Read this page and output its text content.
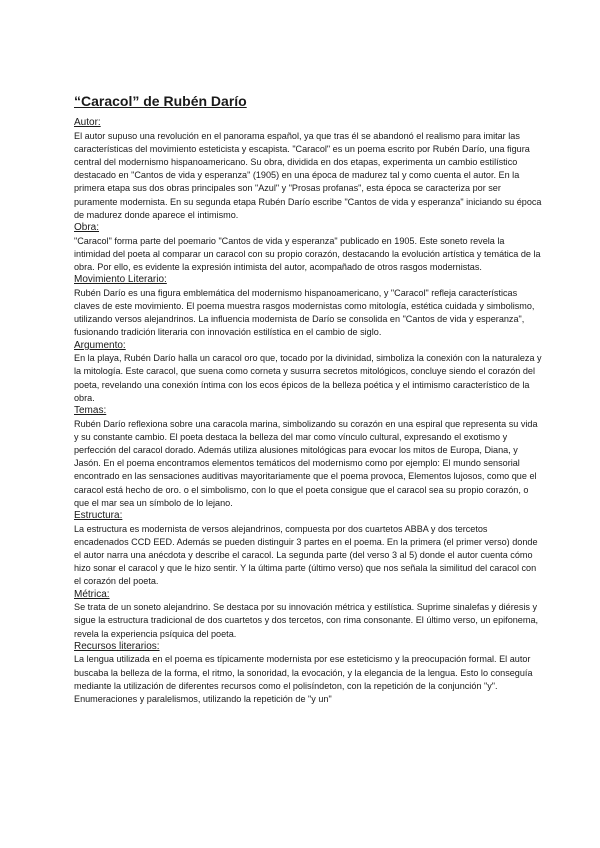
“Caracol” de Rubén Darío

Autor:

El autor supuso una revolución en el panorama español, ya que tras él se abandonó el realismo para imitar las características del movimiento esteticista y escapista. "Caracol" es un poema escrito por Rubén Darío, una figura central del modernismo hispanoamericano. Su obra, dividida en dos etapas, experimenta un cambio estilístico destacado en "Cantos de vida y esperanza" (1905) en una época de madurez tal y como cuenta el autor. En la primera etapa sus dos obras principales son "Azul" y "Prosas profanas", esta época se caracteriza por ser puramente modernista. En su segunda etapa Rubén Darío escribe "Cantos de vida y esperanza" iniciando su época de madurez donde aparece el intimismo.

Obra:

"Caracol" forma parte del poemario "Cantos de vida y esperanza" publicado en 1905. Este soneto revela la intimidad del poeta al comparar un caracol con su propio corazón, destacando la evolución artística y temática de la obra. Por ello, es evidente la expresión intimista del autor, acompañado de otros rasgos modernistas.

Movimiento Literario:

Rubén Darío es una figura emblemática del modernismo hispanoamericano, y "Caracol" refleja características claves de este movimiento. El poema muestra rasgos modernistas como mitología, estética cuidada y simbolismo, utilizando versos alejandrinos. La influencia modernista de Darío se consolida en "Cantos de vida y esperanza", fusionando tradición literaria con innovación estilística en el cambio de siglo.

Argumento:

En la playa, Rubén Darío halla un caracol oro que, tocado por la divinidad, simboliza la conexión con la naturaleza y la mitología. Este caracol, que suena como corneta y susurra secretos mitológicos, concluye siendo el corazón del poeta, revelando una conexión íntima con los ecos épicos de la belleza poética y el intimismo característico de la obra.

Temas:

Rubén Darío reflexiona sobre una caracola marina, simbolizando su corazón en una espiral que representa su vida y su constante cambio. El poeta destaca la belleza del mar como vínculo cultural, expresando el exotismo y perfección del caracol dorado. Además utiliza alusiones mitológicas para evocar los mitos de Europa, Diana, y Jasón. En el poema encontramos elementos temáticos del modernismo como por ejemplo: El mundo sensorial encontrado en las sensaciones auditivas mayoritariamente que el poema provoca, Elementos lujosos, como que el caracol está hecho de oro. o el simbolismo, con lo que el poeta consigue que el caracol sea su propio corazón, o que el mar sea un símbolo de lo lejano.

Estructura:

La estructura es modernista de versos alejandrinos, compuesta por dos cuartetos ABBA y dos tercetos encadenados CCD EED. Además se pueden distinguir 3 partes en el poema. En la primera (el primer verso) donde el autor narra una anécdota y describe el caracol. La segunda parte (del verso 3 al 5) donde el autor cuenta cómo hizo sonar el caracol y que le hizo sentir. Y la última parte (último verso) que nos señala la similitud del caracol con el corazón del poeta.

Métrica:

Se trata de un soneto alejandrino. Se destaca por su innovación métrica y estilística. Suprime sinalefas y diéresis y sigue la estructura tradicional de dos cuartetos y dos tercetos, con rima consonante. El último verso, un epifonema, revela la experiencia psíquica del poeta.

Recursos literarios:

La lengua utilizada en el poema es típicamente modernista por ese esteticismo y la preocupación formal. El autor buscaba la belleza de la forma, el ritmo, la sonoridad, la evocación, y la elegancia de la lengua. Esto lo conseguía mediante la utilización de diferentes recursos como el polisíndeton, con la repetición de la conjunción "y". Enumeraciones y paralelismos, utilizando la repetición de "y un"
